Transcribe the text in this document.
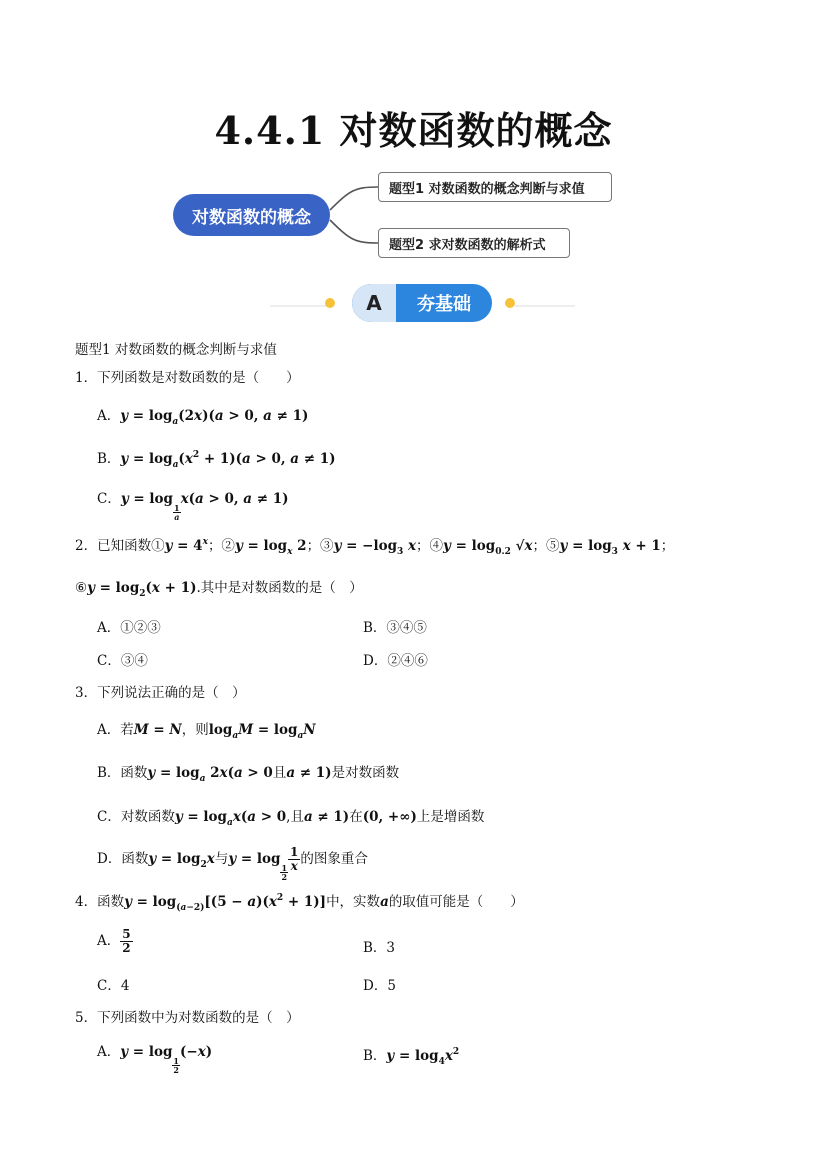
4.4.1 对数函数的概念
对数函数的概念
题型1 对数函数的概念判断与求值
题型2 求对数函数的解析式
A	夯基础
题型1 对数函数的概念判断与求值
1．下列函数是对数函数的是（　　）
A．$y = \log_a(2x)(a > 0$, a ≠ 1)
B．$y = \log_a(x^2 + 1)(a > 0$, a ≠ 1)
C．y = log
$\frac{1}{a}$
x(a > 0, a ≠ 1)
2．已知函数①y = $4^x$；②y = $\log_x 2$；③y = $-\log_3$ x；④y = $\log_{0.2} √x$；⑤y = $\log_3 x + 1$；
⑥y = $\log_2(x + 1)$.其中是对数函数的是（　）
A．①②③	B．③④⑤
C．③④	D．②④⑥
3．下列说法正确的是（　）
A．若M = N，则$\log_aM = \log_aN$
B．函数$y = \log_a 2x(a > 0$且a ≠ 1)是对数函数
C．对数函数$y = \log_ax(a > 0$,且a ≠ 1)在(0, +∞)上是增函数
D．函数$y = \log_2x$与y = log
$\frac{1}{2} \frac{1}{x}$ 的图象重合
4．函数$y = \log_{(a-2)}[(5 - a)(x^2 + 1)]$中，实数a的取值可能是（　　）
A． $\frac{5}{2}$	B．3
C．4	D．5
5．下列函数中为对数函数的是（　）
A．y = log
$\frac{1}{2}$
(−x)	B．$y = \log_4x^2$
